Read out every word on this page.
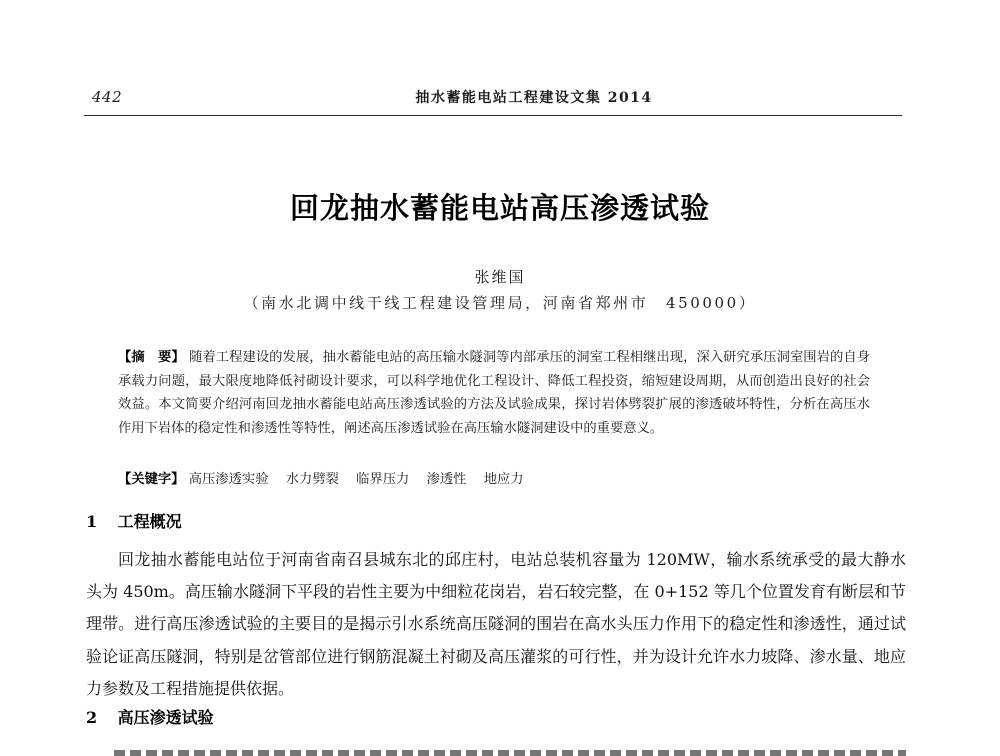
442	抽水蓄能电站工程建设文集 2014
回龙抽水蓄能电站高压渗透试验
张维国
（南水北调中线干线工程建设管理局，河南省郑州市　450000）
【摘　要】 随着工程建设的发展，抽水蓄能电站的高压输水隧洞等内部承压的洞室工程相继出现，深入研究承压洞室围岩的自身承载力问题，最大限度地降低衬砌设计要求，可以科学地优化工程设计、降低工程投资，缩短建设周期，从而创造出良好的社会效益。本文简要介绍河南回龙抽水蓄能电站高压渗透试验的方法及试验成果，探讨岩体劈裂扩展的渗透破坏特性，分析在高压水作用下岩体的稳定性和渗透性等特性，阐述高压渗透试验在高压输水隧洞建设中的重要意义。
【关键字】 高压渗透实验 水力劈裂 临界压力 渗透性 地应力
1 工程概况
回龙抽水蓄能电站位于河南省南召县城东北的邱庄村，电站总装机容量为 120MW，输水系统承受的最大静水头为 450m。高压输水隧洞下平段的岩性主要为中细粒花岗岩，岩石较完整，在 0+152 等几个位置发育有断层和节理带。进行高压渗透试验的主要目的是揭示引水系统高压隧洞的围岩在高水头压力作用下的稳定性和渗透性，通过试验论证高压隧洞，特别是岔管部位进行钢筋混凝土衬砌及高压灌浆的可行性，并为设计允许水力坡降、渗水量、地应力参数及工程措施提供依据。
2 高压渗透试验
